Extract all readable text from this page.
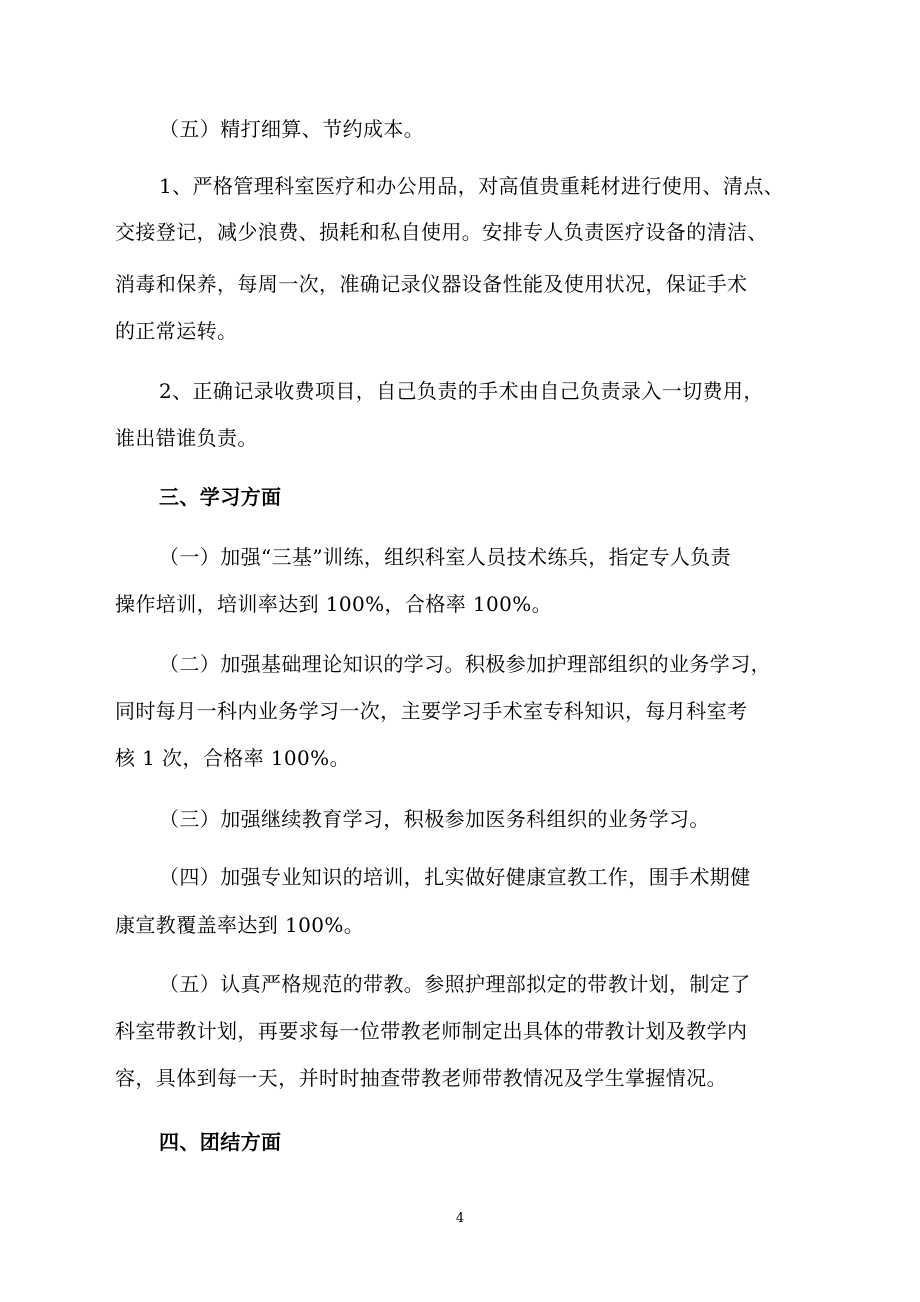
（五）精打细算、节约成本。
1、严格管理科室医疗和办公用品，对高值贵重耗材进行使用、清点、
交接登记，减少浪费、损耗和私自使用。安排专人负责医疗设备的清洁、
消毒和保养，每周一次，准确记录仪器设备性能及使用状况，保证手术
的正常运转。
2、正确记录收费项目，自己负责的手术由自己负责录入一切费用，
谁出错谁负责。
三、学习方面
（一）加强“三基”训练，组织科室人员技术练兵，指定专人负责
操作培训，培训率达到 100%，合格率 100%。
（二）加强基础理论知识的学习。积极参加护理部组织的业务学习，
同时每月一科内业务学习一次，主要学习手术室专科知识，每月科室考
核 1 次，合格率 100%。
（三）加强继续教育学习，积极参加医务科组织的业务学习。
（四）加强专业知识的培训，扎实做好健康宣教工作，围手术期健
康宣教覆盖率达到 100%。
（五）认真严格规范的带教。参照护理部拟定的带教计划，制定了
科室带教计划，再要求每一位带教老师制定出具体的带教计划及教学内
容，具体到每一天，并时时抽查带教老师带教情况及学生掌握情况。
四、团结方面
4
